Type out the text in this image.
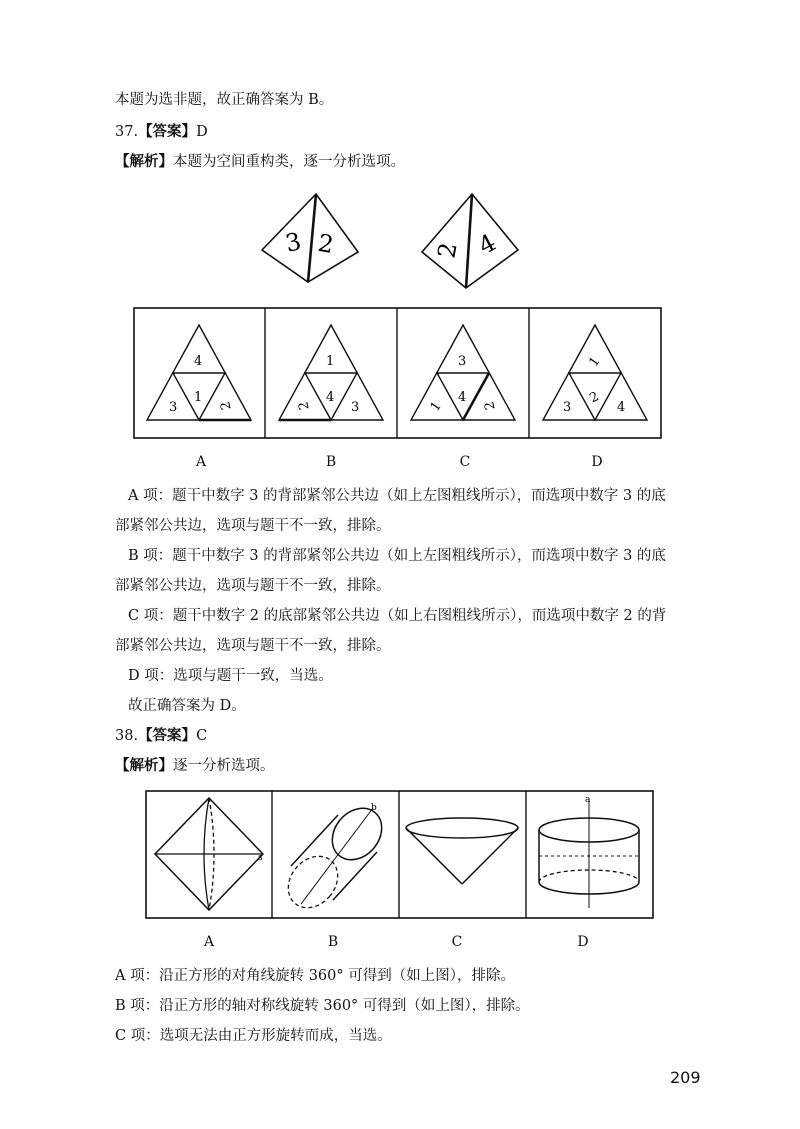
本题为选非题，故正确答案为 B。
37.【答案】D
【解析】本题为空间重构类，逐一分析选项。
3 2	2 4
4
1
3	2
1
4
2	3
3
4
1	2
1
2
3	4
A	B	C	D
A 项：题干中数字 3 的背部紧邻公共边（如上左图粗线所示），而选项中数字 3 的底
部紧邻公共边，选项与题干不一致，排除。
B 项：题干中数字 3 的背部紧邻公共边（如上左图粗线所示），而选项中数字 3 的底
部紧邻公共边，选项与题干不一致，排除。
C 项：题干中数字 2 的底部紧邻公共边（如上右图粗线所示），而选项中数字 2 的背
部紧邻公共边，选项与题干不一致，排除。
D 项：选项与题干一致，当选。
故正确答案为 D。
38.【答案】C
【解析】逐一分析选项。
s
b
a
A	B	C	D
A 项：沿正方形的对角线旋转 360° 可得到（如上图），排除。
B 项：沿正方形的轴对称线旋转 360° 可得到（如上图），排除。
C 项：选项无法由正方形旋转而成，当选。
209
